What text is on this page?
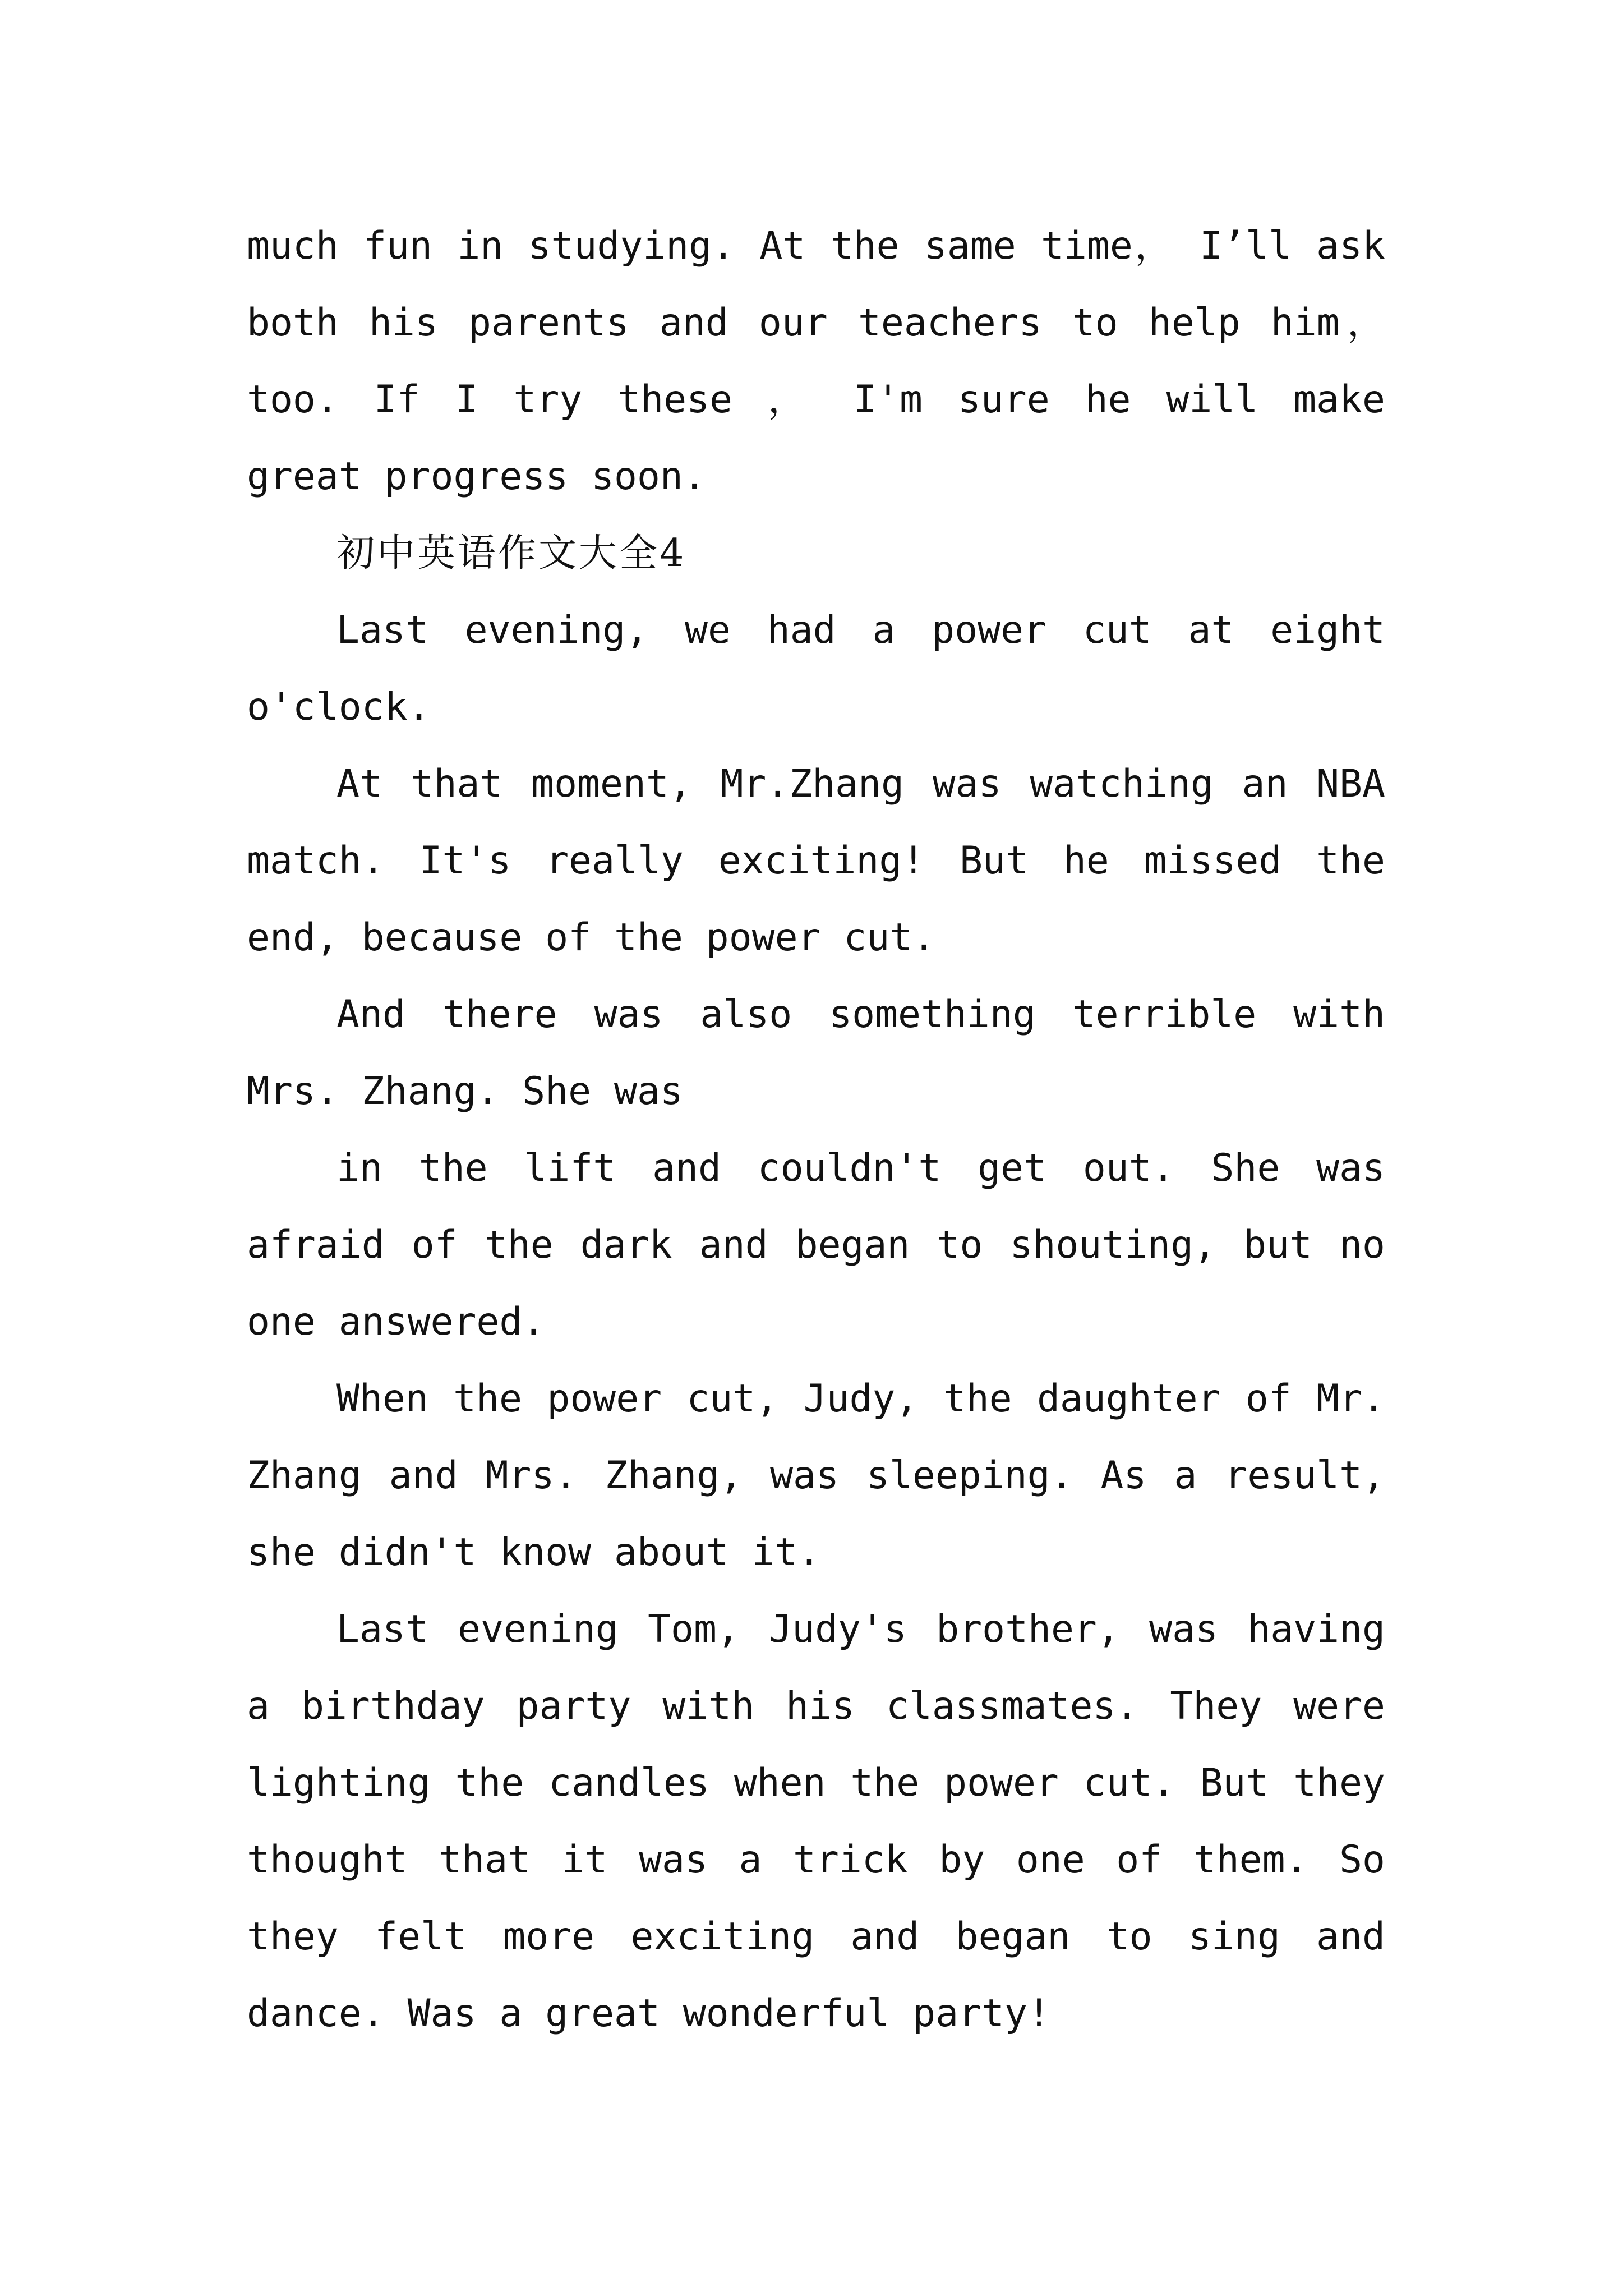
much fun in studying. At the same time， I’ll ask both his parents and our teachers to help him， too. If I try these ， I'm sure he will make great progress soon.

初中英语作文大全4

Last evening, we had a power cut at eight o'clock.

At that moment, Mr.Zhang was watching an NBA match. It's really exciting! But he missed the end, because of the power cut.

And there was also something terrible with Mrs. Zhang. She was

in the lift and couldn't get out. She was afraid of the dark and began to shouting, but no one answered.

When the power cut, Judy, the daughter of Mr. Zhang and Mrs. Zhang, was sleeping. As a result, she didn't know about it.

Last evening Tom, Judy's brother, was having a birthday party with his classmates. They were lighting the candles when the power cut. But they thought that it was a trick by one of them. So they felt more exciting and began to sing and dance. Was a great wonderful party!
